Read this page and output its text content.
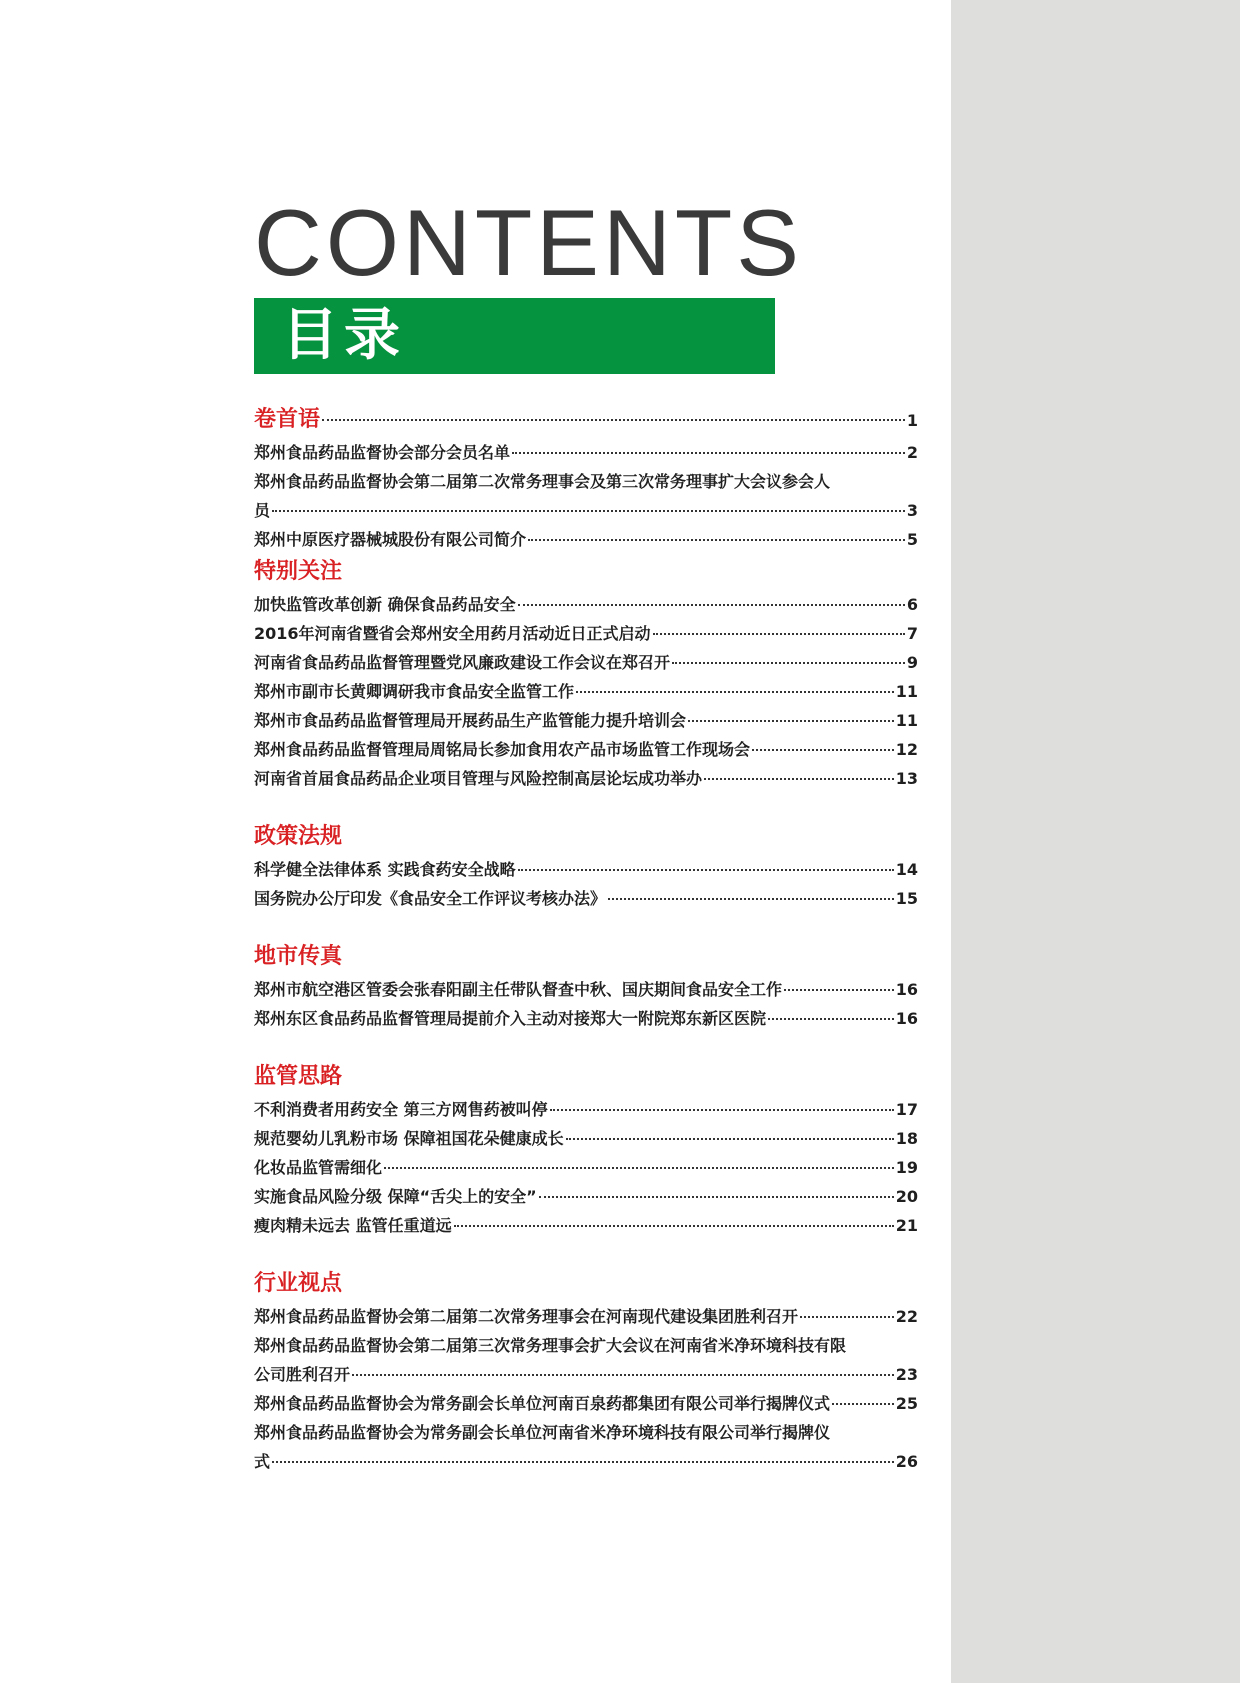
CONTENTS
目录
卷首语	1
郑州食品药品监督协会部分会员名单	2
郑州食品药品监督协会第二届第二次常务理事会及第三次常务理事扩大会议参会人
员	3
郑州中原医疗器械城股份有限公司简介	5
特别关注
加快监管改革创新 确保食品药品安全	6
2016年河南省暨省会郑州安全用药月活动近日正式启动	7
河南省食品药品监督管理暨党风廉政建设工作会议在郑召开	9
郑州市副市长黄卿调研我市食品安全监管工作	11
郑州市食品药品监督管理局开展药品生产监管能力提升培训会	11
郑州食品药品监督管理局周铭局长参加食用农产品市场监管工作现场会	12
河南省首届食品药品企业项目管理与风险控制高层论坛成功举办	13
政策法规
科学健全法律体系 实践食药安全战略	14
国务院办公厅印发《食品安全工作评议考核办法》	15
地市传真
郑州市航空港区管委会张春阳副主任带队督查中秋、国庆期间食品安全工作	16
郑州东区食品药品监督管理局提前介入主动对接郑大一附院郑东新区医院	16
监管思路
不利消费者用药安全 第三方网售药被叫停	17
规范婴幼儿乳粉市场 保障祖国花朵健康成长	18
化妆品监管需细化	19
实施食品风险分级 保障“舌尖上的安全”	20
瘦肉精未远去 监管任重道远	21
行业视点
郑州食品药品监督协会第二届第二次常务理事会在河南现代建设集团胜利召开	22
郑州食品药品监督协会第二届第三次常务理事会扩大会议在河南省米净环境科技有限
公司胜利召开	23
郑州食品药品监督协会为常务副会长单位河南百泉药都集团有限公司举行揭牌仪式	25
郑州食品药品监督协会为常务副会长单位河南省米净环境科技有限公司举行揭牌仪
式	26
